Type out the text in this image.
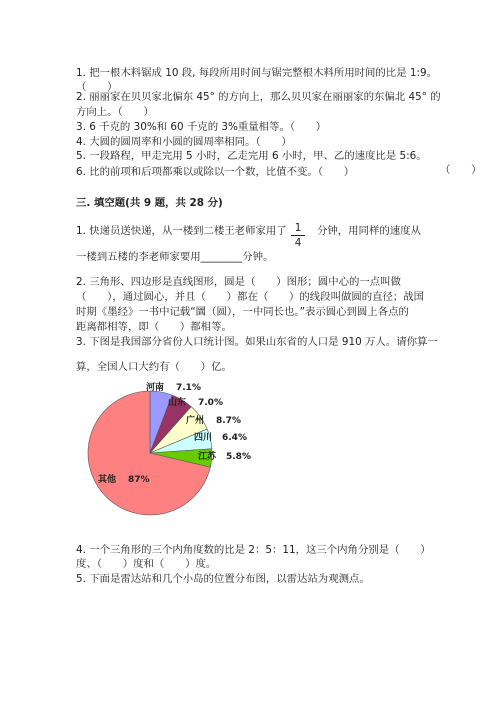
1. 把一根木料锯成 10 段, 每段所用时间与锯完整根木料所用时间的比是 1:9。
（　　）
2. 丽丽家在贝贝家北偏东 45° 的方向上，那么贝贝家在丽丽家的东偏北 45° 的
方向上。（　　）
3. 6 千克的 30%和 60 千克的 3%重量相等。（　　）
4. 大圆的圆周率和小圆的圆周率相同。（　　）
5. 一段路程，甲走完用 5 小时，乙走完用 6 小时，甲、乙的速度比是 5:6。
（　　）
6. 比的前项和后项都乘以或除以一个数，比值不变。（　　）
三. 填空题(共 9 题，共 28 分)
1. 快递员送快递，从一楼到二楼王老师家用了 1
4
分钟，用同样的速度从
一楼到五楼的李老师家要用________分钟。
2. 三角形、四边形是直线图形，圆是（　　）图形；圆中心的一点叫做
（　　），通过圆心，并且（　　）都在（　　）的线段叫做圆的直径；战国
时期《墨经》一书中记载“圜（圆），一中同长也。”表示圆心到圆上各点的
距离都相等，即（　　）都相等。
3. 下图是我国部分省份人口统计图。如果山东省的人口是 910 万人。请你算一
算，全国人口大约有（　　）亿。
河南 7.1%
山东 7.0%
广州 8.7%
四川 6.4%
江苏 5.8%
其他 87%
4. 一个三角形的三个内角度数的比是 2：5：11，这三个内角分别是（　　）
度、（　　）度和（　　）度。
5. 下面是雷达站和几个小岛的位置分布图，以雷达站为观测点。
